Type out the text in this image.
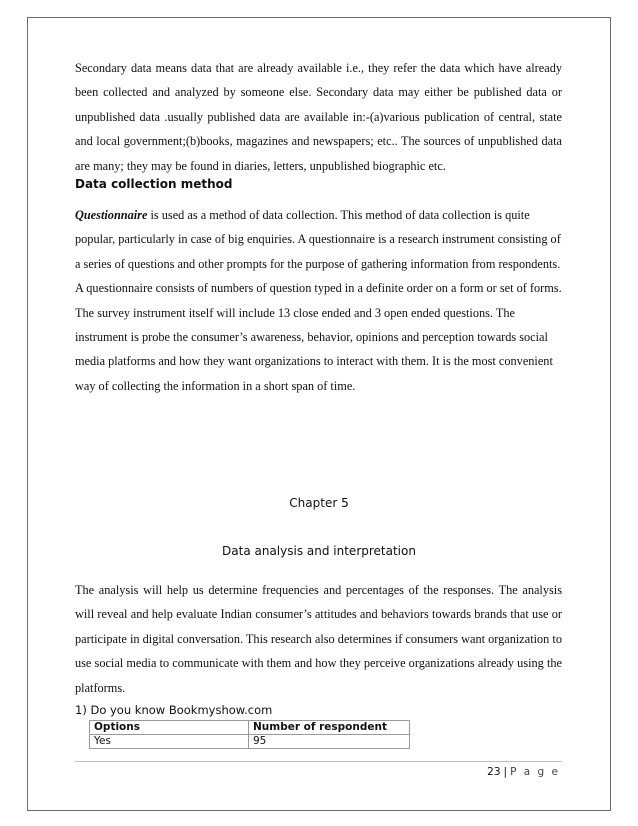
Secondary data means data that are already available i.e., they refer the data which have already been collected and analyzed by someone else. Secondary data may either be published data or unpublished data .usually published data are available in:-(a)various publication of central, state and local government;(b)books, magazines and newspapers; etc.. The sources of unpublished data are many; they may be found in diaries, letters, unpublished biographic etc.

Data collection method

Questionnaire is used as a method of data collection. This method of data collection is quite popular, particularly in case of big enquiries. A questionnaire is a research instrument consisting of a series of questions and other prompts for the purpose of gathering information from respondents. A questionnaire consists of numbers of question typed in a definite order on a form or set of forms. The survey instrument itself will include 13 close ended and 3 open ended questions. The instrument is probe the consumer’s awareness, behavior, opinions and perception towards social media platforms and how they want organizations to interact with them. It is the most convenient way of collecting the information in a short span of time.

Chapter 5
Data analysis and interpretation

The analysis will help us determine frequencies and percentages of the responses. The analysis will reveal and help evaluate Indian consumer’s attitudes and behaviors towards brands that use or participate in digital conversation. This research also determines if consumers want organization to use social media to communicate with them and how they perceive organizations already using the platforms.

1) Do you know Bookmyshow.com
Options	Number of respondent
Yes	95
23 | P a g e
